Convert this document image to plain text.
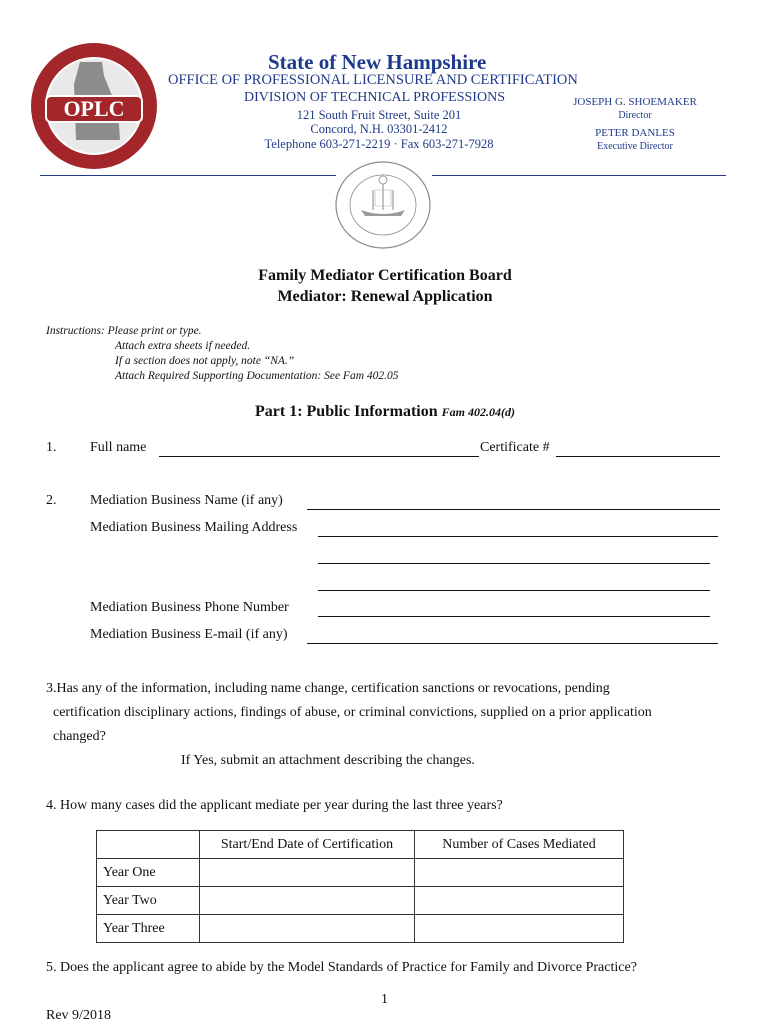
OPLC
State of New Hampshire
OFFICE OF PROFESSIONAL LICENSURE AND CERTIFICATION
DIVISION OF TECHNICAL PROFESSIONS
121 South Fruit Street, Suite 201
Concord, N.H. 03301-2412
Telephone 603-271-2219 · Fax 603-271-7928
JOSEPH G. SHOEMAKER
Director
PETER DANLES
Executive Director
Family Mediator Certification Board
Mediator: Renewal Application
Instructions: Please print or type.
Attach extra sheets if needed.
If a section does not apply, note “NA.”
Attach Required Supporting Documentation: See Fam 402.05
Part 1: Public Information Fam 402.04(d)
1. Full name	Certificate #
2. Mediation Business Name (if any)
Mediation Business Mailing Address
Mediation Business Phone Number
Mediation Business E-mail (if any)
3.Has any of the information, including name change, certification sanctions or revocations, pending
certification disciplinary actions, findings of abuse, or criminal convictions, supplied on a prior application
changed?
If Yes, submit an attachment describing the changes.
4. How many cases did the applicant mediate per year during the last three years?
	Start/End Date of Certification	Number of Cases Mediated
Year One		
Year Two		
Year Three		
5. Does the applicant agree to abide by the Model Standards of Practice for Family and Divorce Practice?
1
Rev 9/2018
